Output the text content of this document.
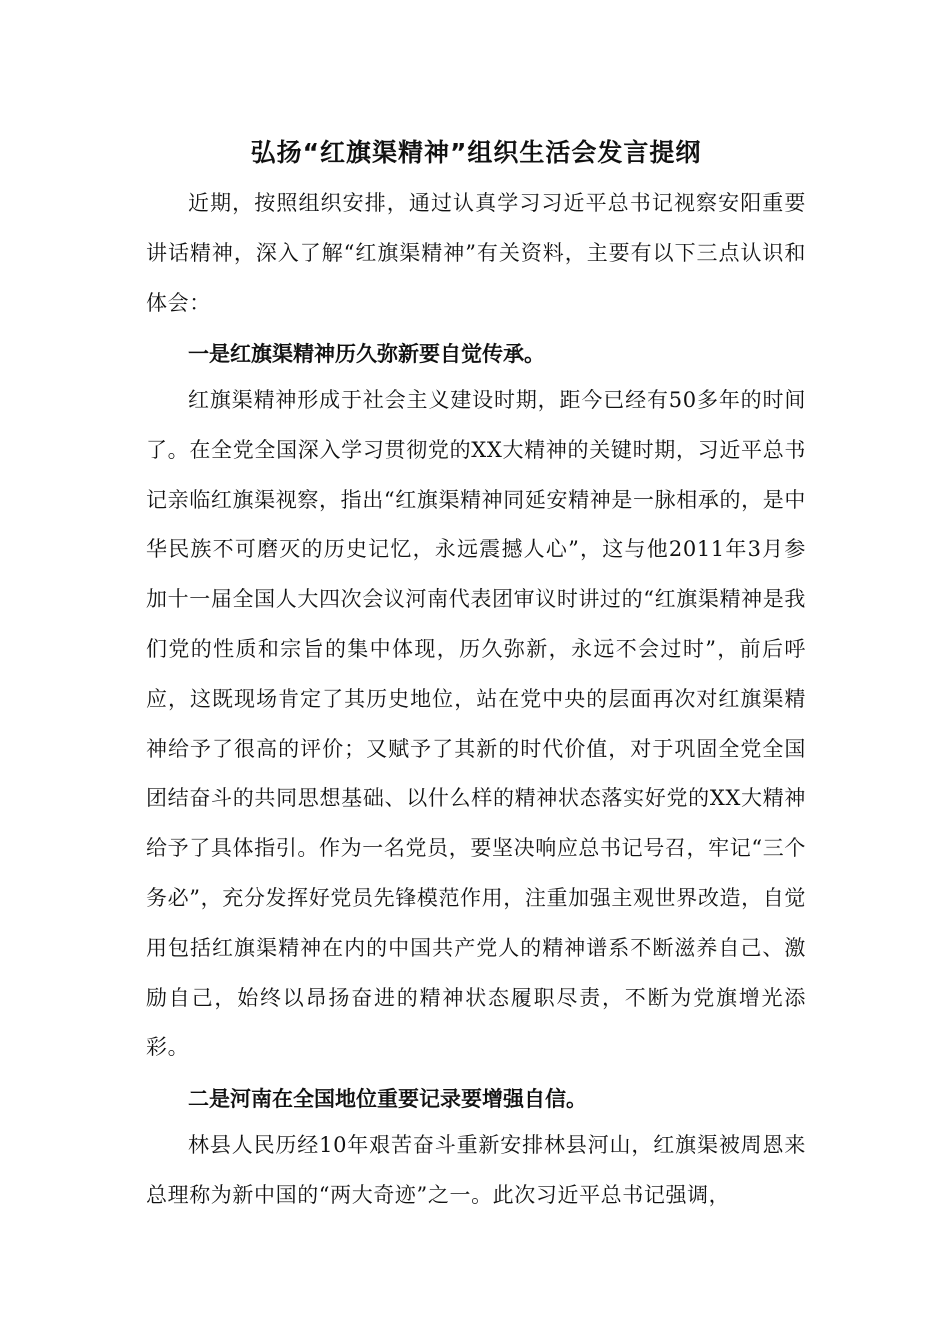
弘扬“红旗渠精神”组织生活会发言提纲
近期，按照组织安排，通过认真学习习近平总书记视察安阳重要讲话精神，深入了解“红旗渠精神”有关资料，主要有以下三点认识和体会：
一是红旗渠精神历久弥新要自觉传承。
红旗渠精神形成于社会主义建设时期，距今已经有50多年的时间了。在全党全国深入学习贯彻党的XX大精神的关键时期，习近平总书记亲临红旗渠视察，指出“红旗渠精神同延安精神是一脉相承的，是中华民族不可磨灭的历史记忆，永远震撼人心”，这与他2011年3月参加十一届全国人大四次会议河南代表团审议时讲过的“红旗渠精神是我们党的性质和宗旨的集中体现，历久弥新，永远不会过时”，前后呼应，这既现场肯定了其历史地位，站在党中央的层面再次对红旗渠精神给予了很高的评价；又赋予了其新的时代价值，对于巩固全党全国团结奋斗的共同思想基础、以什么样的精神状态落实好党的XX大精神给予了具体指引。作为一名党员，要坚决响应总书记号召，牢记“三个务必”，充分发挥好党员先锋模范作用，注重加强主观世界改造，自觉用包括红旗渠精神在内的中国共产党人的精神谱系不断滋养自己、激励自己，始终以昂扬奋进的精神状态履职尽责，不断为党旗增光添彩。
二是河南在全国地位重要记录要增强自信。
林县人民历经10年艰苦奋斗重新安排林县河山，红旗渠被周恩来总理称为新中国的“两大奇迹”之一。此次习近平总书记强调，
